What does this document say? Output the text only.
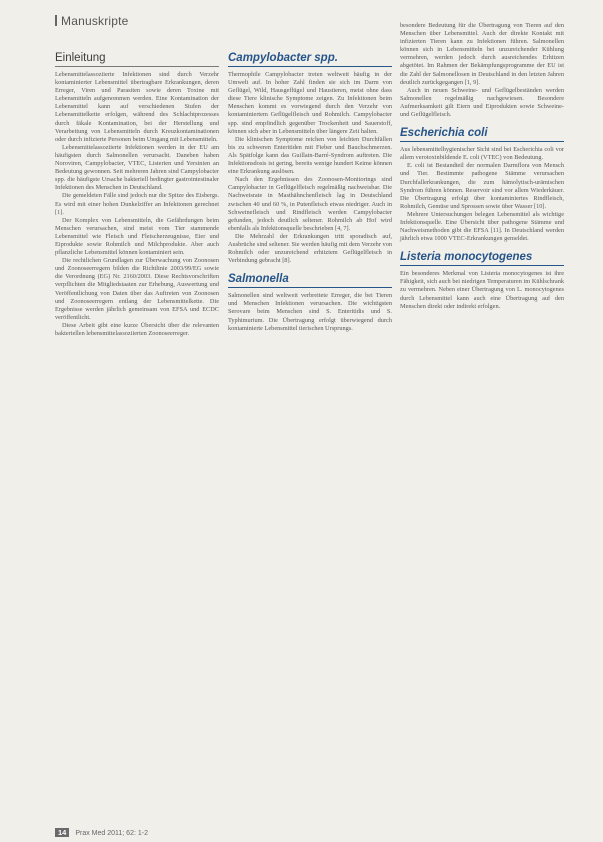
Manuskripte
Einleitung

Lebensmittelassoziierte Infektionen sind durch Verzehr kontaminierter Lebensmittel übertragbare Erkrankungen, deren Erreger, Viren und Parasiten sowie deren Toxine mit Lebensmitteln aufgenommen werden. Eine Kontamination der Lebensmittel kann auf verschiedenen Stufen der Lebensmittelkette erfolgen, während des Schlachtprozesses durch fäkale Kontamination, bei der Herstellung und Verarbeitung von Lebensmitteln durch Kreuzkontaminationen oder durch infizierte Personen beim Umgang mit Lebensmitteln.

Lebensmittelassoziierte Infektionen werden in der EU am häufigsten durch Salmonellen verursacht. Daneben haben Noroviren, Campylobacter, VTEC, Listerien und Yersinien an Bedeutung gewonnen. Seit mehreren Jahren sind Campylobacter spp. die häufigste Ursache bakteriell bedingter gastrointestinaler Infektionen des Menschen in Deutschland.

Die gemeldeten Fälle sind jedoch nur die Spitze des Eisbergs. Es wird mit einer hohen Dunkelziffer an Infektionen gerechnet [1].

Der Komplex von Lebensmitteln, die Gefährdungen beim Menschen verursachen, sind meist vom Tier stammende Lebensmittel wie Fleisch und Fleischerzeugnisse, Eier und Eiprodukte sowie Rohmilch und Milchprodukte. Aber auch pflanzliche Lebensmittel können kontaminiert sein.

Die rechtlichen Grundlagen zur Überwachung von Zoonosen und Zoonoseerregern bilden die Richtlinie 2003/99/EG sowie die Verordnung (EG) Nr. 2160/2003. Diese Rechtsvorschriften verpflichten die Mitgliedstaaten zur Erhebung, Auswertung und Veröffentlichung von Daten über das Auftreten von Zoonosen und Zoonoseerregern entlang der Lebensmittelkette. Die Ergebnisse werden jährlich gemeinsam von EFSA und ECDC veröffentlicht.

Diese Arbeit gibt eine kurze Übersicht über die relevanten bakteriellen lebensmittelassoziierten Zoonoseerreger.

Campylobacter spp.

Thermophile Campylobacter treten weltweit häufig in der Umwelt auf. In hoher Zahl finden sie sich im Darm von Geflügel, Wild, Hausgeflügel und Haustieren, meist ohne dass diese Tiere klinische Symptome zeigen. Zu Infektionen beim Menschen kommt es vorwiegend durch den Verzehr von kontaminiertem Geflügelfleisch und Rohmilch. Campylobacter spp. sind empfindlich gegenüber Trockenheit und Sauerstoff, können sich aber in Lebensmitteln über längere Zeit halten.

Die klinischen Symptome reichen von leichten Durchfällen bis zu schweren Enteritiden mit Fieber und Bauchschmerzen. Als Spätfolge kann das Guillain-Barré-Syndrom auftreten. Die Infektionsdosis ist gering, bereits wenige hundert Keime können eine Erkrankung auslösen.

Nach den Ergebnissen des Zoonosen-Monitorings sind Campylobacter in Geflügelfleisch regelmäßig nachweisbar. Die Nachweisrate in Masthähnchenfleisch lag in Deutschland zwischen 40 und 60 %, in Putenfleisch etwas niedriger. Auch in Schweinefleisch und Rindfleisch werden Campylobacter gefunden, jedoch deutlich seltener. Rohmilch ab Hof wird ebenfalls als Infektionsquelle beschrieben [4, 7].

Die Mehrzahl der Erkrankungen tritt sporadisch auf, Ausbrüche sind seltener. Sie werden häufig mit dem Verzehr von Rohmilch oder unzureichend erhitztem Geflügelfleisch in Verbindung gebracht [8].

Salmonella

Salmonellen sind weltweit verbreitete Erreger, die bei Tieren und Menschen Infektionen verursachen. Die wichtigsten Serovare beim Menschen sind S. Enteritidis und S. Typhimurium. Die Übertragung erfolgt überwiegend durch kontaminierte Lebensmittel tierischen Ursprungs.

besondere Bedeutung für die Übertragung von Tieren auf den Menschen über Lebensmittel. Auch der direkte Kontakt mit infizierten Tieren kann zu Infektionen führen. Salmonellen können sich in Lebensmitteln bei unzureichender Kühlung vermehren, werden jedoch durch ausreichendes Erhitzen abgetötet. Im Rahmen der Bekämpfungsprogramme der EU ist die Zahl der Salmonellosen in Deutschland in den letzten Jahren deutlich zurückgegangen [1, 9].

Auch in neuen Schweine- und Geflügelbeständen werden Salmonellen regelmäßig nachgewiesen. Besondere Aufmerksamkeit gilt Eiern und Eiprodukten sowie Schweine- und Geflügelfleisch.

Escherichia coli

Aus lebensmittelhygienischer Sicht sind bei Escherichia coli vor allem verotoxinbildende E. coli (VTEC) von Bedeutung.

E. coli ist Bestandteil der normalen Darmflora von Mensch und Tier. Bestimmte pathogene Stämme verursachen Durchfallerkrankungen, die zum hämolytisch-urämischen Syndrom führen können. Reservoir sind vor allem Wiederkäuer. Die Übertragung erfolgt über kontaminiertes Rindfleisch, Rohmilch, Gemüse und Sprossen sowie über Wasser [10].

Mehrere Untersuchungen belegen Lebensmittel als wichtige Infektionsquelle. Eine Übersicht über pathogene Stämme und Nachweismethoden gibt die EFSA [11]. In Deutschland werden jährlich etwa 1000 VTEC-Erkrankungen gemeldet.

Listeria monocytogenes

Ein besonderes Merkmal von Listeria monocytogenes ist ihre Fähigkeit, sich auch bei niedrigen Temperaturen im Kühlschrank zu vermehren. Neben einer Übertragung von L. monocytogenes durch Lebensmittel kann auch eine Übertragung auf den Menschen direkt oder indirekt erfolgen.

14 Prax Med 2011; 62: 1-2
